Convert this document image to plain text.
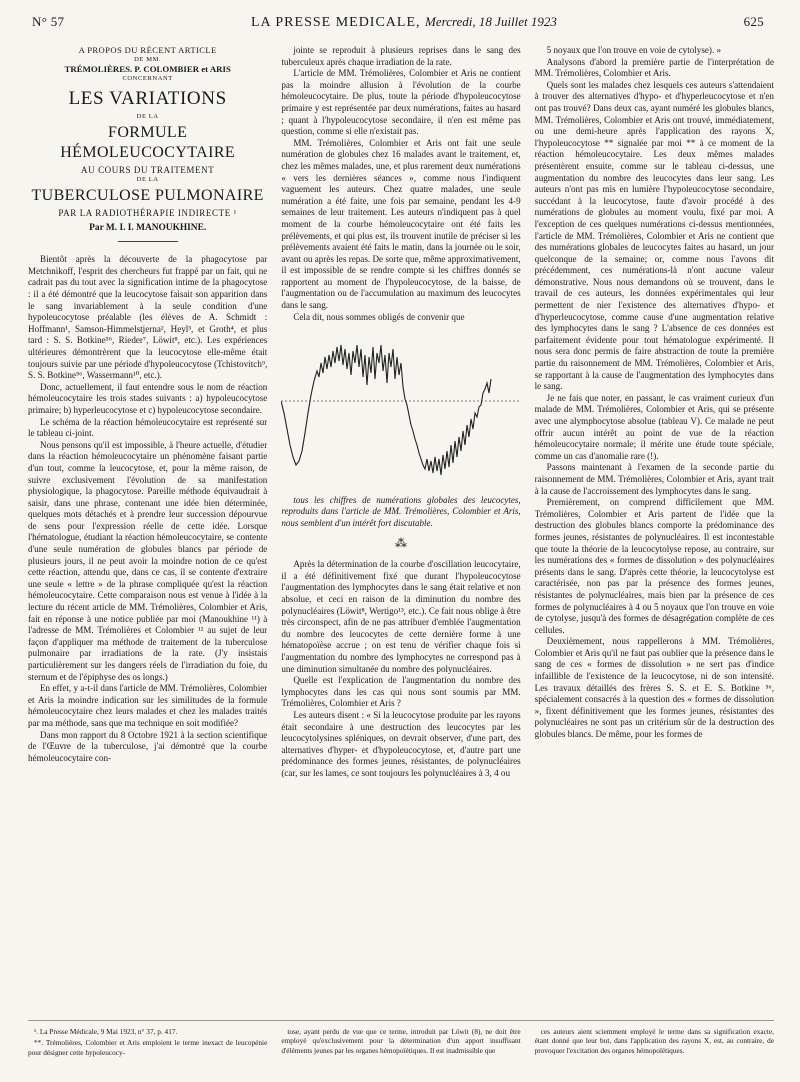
N° 57	LA PRESSE MEDICALE, Mercredi, 18 Juillet 1923	625
A PROPOS DU RÉCENT ARTICLE
DE MM.
TRÉMOLIÈRES. P. COLOMBIER et ARIS
CONCERNANT
LES VARIATIONS
DE LA
FORMULE HÉMOLEUCOCYTAIRE
AU COURS DU TRAITEMENT
DE LA
TUBERCULOSE PULMONAIRE
PAR LA RADIOTHÉRAPIE INDIRECTE ¹
Par M. I. I. MANOUKHINE.

Bientôt après la découverte de la phagocytose par Metchnikoff, l'esprit des chercheurs fut frappé par un fait, qui ne cadrait pas du tout avec la signification intime de la phagocytose : il a été démontré que la leucocytose faisait son apparition dans le sang invariablement à la seule condition d'une hypoleucocytose préalable (les élèves de A. Schmidt : Hoffmann¹, Samson-Himmelstjerna², Heyl³, et Groth⁴, et plus tard : S. S. Botkine⁵⁶, Rieder⁷, Löwit⁸, etc.). Les expériences ultérieures démontrèrent que la leucocytose elle-même était toujours suivie par une période d'hypoleucocytose (Tchistovitch⁹, S. S. Botkine⁵⁶, Wassermann¹⁰, etc.).

Donc, actuellement, il faut entendre sous le nom de réaction hémoleucocytaire les trois stades suivants : a) hypoleucocytose primaire; b) hyperleucocytose et c) hypoleucocytose secondaire.

Le schéma de la réaction hémoleucocytaire est représenté sur le tableau ci-joint.

Nous pensons qu'il est impossible, à l'heure actuelle, d'étudier dans la réaction hémoleucocytaire un phénomène faisant partie d'un tout, comme la leucocytose, et, pour la même raison, de suivre exclusivement l'évolution de sa manifestation physiologique, la phagocytose. Pareille méthode équivaudrait à saisir, dans une phrase, contenant une idée bien déterminée, quelques mots détachés et à prendre leur succession dépourvue de sens pour l'expression réelle de cette idée. Lorsque l'hématologue, étudiant la réaction hémoleucocytaire, se contente d'une seule numération de globules blancs par période de plusieurs jours, il ne peut avoir la moindre notion de ce qu'est cette réaction, attendu que, dans ce cas, il se contente d'extraire une seule « lettre » de la phrase compliquée qu'est la réaction hémoleucocytaire. Cette comparaison nous est venue à l'idée à la lecture du récent article de MM. Trémolières, Colombier et Aris, fait en réponse à une notice publiée par moi (Manoukhine ¹¹) à l'adresse de MM. Trémolières et Colombier ¹² au sujet de leur façon d'appliquer ma méthode de traitement de la tuberculose pulmonaire par irradiations de la rate. (J'y insistais particulièrement sur les dangers réels de l'irradiation du foie, du sternum et de l'épiphyse des os longs.)

En effet, y a-t-il dans l'article de MM. Trémolières, Colombier et Aris la moindre indication sur les similitudes de la formule hémoleucocytaire chez leurs malades et chez les malades traités par ma méthode, sans que ma technique en soit modifiée?

Dans mon rapport du 8 Octobre 1921 à la section scientifique de l'Œuvre de la tuberculose, j'ai démontré que la courbe hémoleucocytaire con-

jointe se reproduit à plusieurs reprises dans le sang des tuberculeux après chaque irradiation de la rate.

L'article de MM. Trémolières, Colombier et Aris ne contient pas la moindre allusion à l'évolution de la courbe hémoleucocytaire. De plus, toute la période d'hypoleucocytose primaire y est représentée par deux numérations, faites au hasard ; quant à l'hypoleucocytose secondaire, il n'en est même pas question, comme si elle n'existait pas.

MM. Trémolières, Colombier et Aris ont fait une seule numération de globules chez 16 malades avant le traitement, et, chez les mêmes malades, une, et plus rarement deux numérations « vers les dernières séances », comme nous l'indiquent vaguement les auteurs. Chez quatre malades, une seule numération a été faite, une fois par semaine, pendant les 4-9 semaines de leur traitement. Les auteurs n'indiquent pas à quel moment de la courbe hémoleucocytaire ont été faits les prélèvements, et qui plus est, ils trouvent inutile de préciser si les prélèvements avaient été faits le matin, dans la journée ou le soir, avant ou après les repas. De sorte que, même approximativement, il est impossible de se rendre compte si les chiffres donnés se rapportent au moment de l'hypoleucocytose, de la baisse, de l'augmentation ou de l'accumulation au maximum des leucocytes dans le sang.

Cela dit, nous sommes obligés de convenir que

tous les chiffres de numérations globales des leucocytes, reproduits dans l'article de MM. Trémolières, Colombier et Aris, nous semblent d'un intérêt fort discutable.

⁂

Après la détermination de la courbe d'oscillation leucocytaire, il a été définitivement fixé que durant l'hypoleucocytose l'augmentation des lymphocytes dans le sang était relative et non absolue, et ceci en raison de la diminution du nombre des polynucléaires (Löwit⁸, Wertigo¹³, etc.). Ce fait nous oblige à être très circonspect, afin de ne pas attribuer d'emblée l'augmentation du nombre des leucocytes de cette dernière forme à une hématopoïèse accrue ; on est tenu de vérifier chaque fois si l'augmentation du nombre des lymphocytes ne correspond pas à une diminution simultanée du nombre des polynucléaires.

Quelle est l'explication de l'augmentation du nombre des lymphocytes dans les cas qui nous sont soumis par MM. Trémolières, Colombier et Aris ?

Les auteurs disent : « Si la leucocytose produite par les rayons était secondaire à une destruction des leucocytes par les leucocytolysines spléniques, on devrait observer, d'une part, des alternatives d'hyper- et d'hypoleucocytose, et, d'autre part une prédominance des formes jeunes, résistantes, de polynucléaires (car, sur les lames, ce sont toujours les polynucléaires à 3, 4 ou

5 noyaux que l'on trouve en voie de cytolyse). »

Analysons d'abord la première partie de l'interprétation de MM. Trémolières, Colombier et Aris.

Quels sont les malades chez lesquels ces auteurs s'attendaient à trouver des alternatives d'hypo- et d'hyperleucocytose et n'en ont pas trouvé? Dans deux cas, ayant numéré les globules blancs, MM. Trémolières, Colombier et Aris ont trouvé, immédiatement, ou une demi-heure après l'application des rayons X, l'hypoleucocytose ** signalée par moi ** à ce moment de la réaction hémoleucocytaire. Les deux mêmes malades présentèrent ensuite, comme sur le tableau ci-dessus, une augmentation du nombre des leucocytes dans leur sang. Les auteurs n'ont pas mis en lumière l'hypoleucocytose secondaire, succédant à la leucocytose, faute d'avoir procédé à des numérations de globules au moment voulu, fixé par moi. A l'exception de ces quelques numérations ci-dessus mentionnées, l'article de MM. Trémolières, Colombier et Aris ne contient que des numérations globales de leucocytes faites au hasard, un jour quelconque de la semaine; or, comme nous l'avons dit précédemment, ces numérations-là n'ont aucune valeur démonstrative. Nous nous demandons où se trouvent, dans le travail de ces auteurs, les données expérimentales qui leur permettent de nier l'existence des alternatives d'hypo- et d'hyperleucocytose, comme cause d'une augmentation relative des lymphocytes dans le sang ? L'absence de ces données est parfaitement évidente pour tout hématologue expérimenté. Il nous sera donc permis de faire abstraction de toute la première partie du raisonnement de MM. Trémolières, Colombier et Aris, se rapportant à la cause de l'augmentation des lymphocytes dans le sang.

Je ne fais que noter, en passant, le cas vraiment curieux d'un malade de MM. Trémolières, Colombier et Aris, qui se présente avec une alymphocytose absolue (tableau V). Ce malade ne peut offrir aucun intérêt au point de vue de la réaction hémoleucocytaire normale; il mérite une étude toute spéciale, comme un cas d'anomalie rare (!).

Passons maintenant à l'examen de la seconde partie du raisonnement de MM. Trémolières, Colombier et Aris, ayant trait à la cause de l'accroissement des lymphocytes dans le sang.

Premièrement, on comprend difficilement que MM. Trémolières, Colombier et Aris partent de l'idée que la destruction des globules blancs comporte la prédominance des formes jeunes, résistantes de polynucléaires. Il est incontestable que toute la théorie de la leucocytolyse repose, au contraire, sur les numérations des « formes de dissolution » des polynucléaires présents dans le sang. D'après cette théorie, la leucocytolyse est caractérisée, non pas par la présence des formes jeunes, résistantes de polynucléaires, mais bien par la présence de ces formes de polynucléaires à 4 ou 5 noyaux que l'on trouve en voie de cytolyse, jusqu'à des formes de désagrégation complète de ces cellules.

Deuxièmement, nous rappellerons à MM. Trémolières, Colombier et Aris qu'il ne faut pas oublier que la présence dans le sang de ces « formes de dissolution » ne sert pas d'indice infaillible de l'existence de la leucocytose, ni de son intensité. Les travaux détaillés des frères S. S. et E. S. Botkine ⁵⁶, spécialement consacrés à la question des « formes de dissolution », fixent définitivement que les formes jeunes, résistantes des polynucléaires ne sont pas un critérium sûr de la destruction des globules blancs. De même, pour les formes de

¹. La Presse Médicale, 9 Mai 1923, n° 37, p. 417.

**. Trémolières, Colombier et Aris emploient le terme inexact de leucopénie pour désigner cette hypoleucocy-

tose, ayant perdu de vue que ce terme, introduit par Löwit (8), ne doit être employé qu'exclusivement pour la détermination d'un apport insuffisant d'éléments jeunes par les organes hémopoïétiques. Il est inadmissible que

ces auteurs aient sciemment employé le terme dans sa signification exacte, étant donné que leur but, dans l'application des rayons X, est, au contraire, de provoquer l'excitation des organes hémopoïétiques.
